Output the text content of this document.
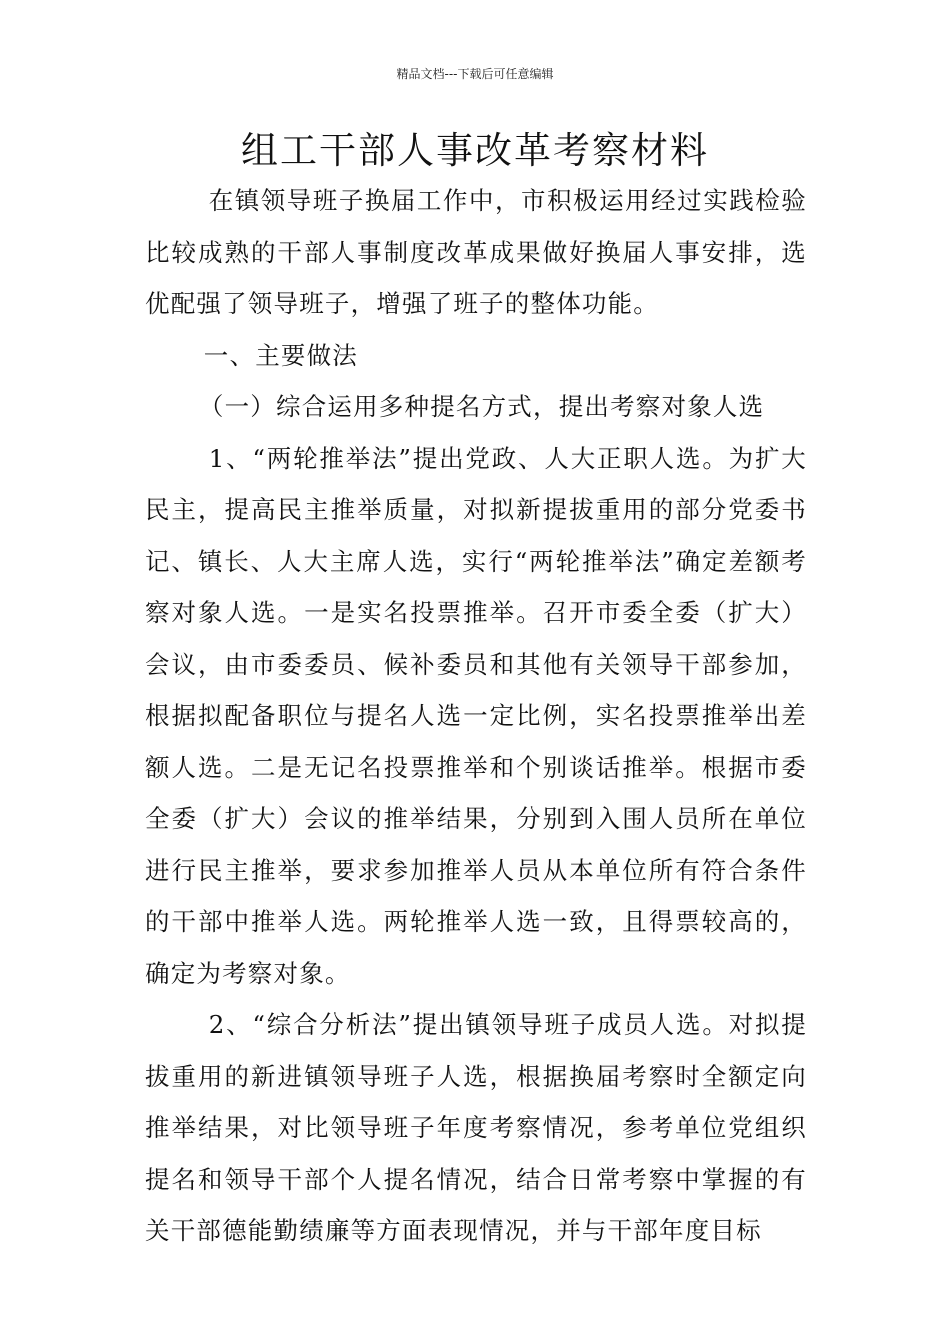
精品文档---下载后可任意编辑
组工干部人事改革考察材料

在镇领导班子换届工作中，市积极运用经过实践检验比较成熟的干部人事制度改革成果做好换届人事安排，选优配强了领导班子，增强了班子的整体功能。

一、主要做法

（一）综合运用多种提名方式，提出考察对象人选

1、“两轮推举法”提出党政、人大正职人选。为扩大民主，提高民主推举质量，对拟新提拔重用的部分党委书记、镇长、人大主席人选，实行“两轮推举法”确定差额考察对象人选。一是实名投票推举。召开市委全委（扩大）会议，由市委委员、候补委员和其他有关领导干部参加，根据拟配备职位与提名人选一定比例，实名投票推举出差额人选。二是无记名投票推举和个别谈话推举。根据市委全委（扩大）会议的推举结果，分别到入围人员所在单位进行民主推举，要求参加推举人员从本单位所有符合条件的干部中推举人选。两轮推举人选一致，且得票较高的，确定为考察对象。

2、“综合分析法”提出镇领导班子成员人选。对拟提拔重用的新进镇领导班子人选，根据换届考察时全额定向推举结果，对比领导班子年度考察情况，参考单位党组织提名和领导干部个人提名情况，结合日常考察中掌握的有关干部德能勤绩廉等方面表现情况，并与干部年度目标
